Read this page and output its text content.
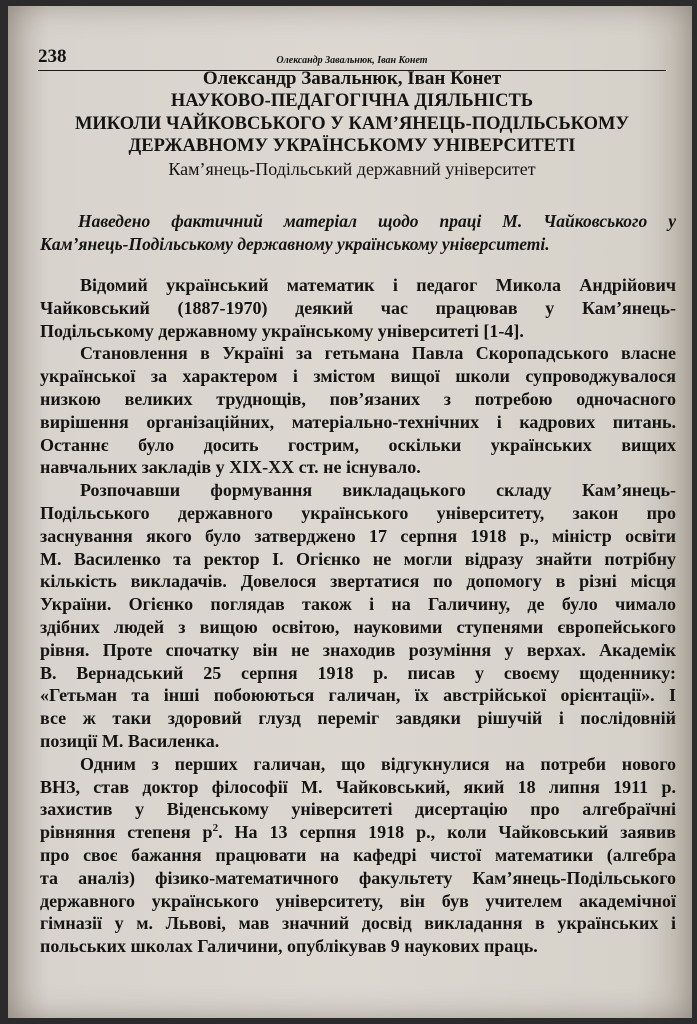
238	Олександр Завальнюк, Іван Конет
Олександр Завальнюк, Іван Конет
НАУКОВО-ПЕДАГОГІЧНА ДІЯЛЬНІСТЬ
МИКОЛИ ЧАЙКОВСЬКОГО У КАМ’ЯНЕЦЬ-ПОДІЛЬСЬКОМУ
ДЕРЖАВНОМУ УКРАЇНСЬКОМУ УНІВЕРСИТЕТІ
Кам’янець-Подільський державний університет
Наведено фактичний матеріал щодо праці М. Чайковського у
Кам’янець-Подільському державному українському університеті.
Відомий український математик і педагог Микола Андрійович
Чайковський (1887-1970) деякий час працював у Кам’янець-
Подільському державному українському університеті [1-4].
Становлення в Україні за гетьмана Павла Скоропадського власне
української за характером і змістом вищої школи супроводжувалося
низкою великих труднощів, пов’язаних з потребою одночасного
вирішення організаційних, матеріально-технічних і кадрових питань.
Останнє було досить гострим, оскільки українських вищих
навчальних закладів у XIX-XX ст. не існувало.
Розпочавши формування викладацького складу Кам’янець-
Подільського державного українського університету, закон про
заснування якого було затверджено 17 серпня 1918 р., міністр освіти
М. Василенко та ректор І. Огієнко не могли відразу знайти потрібну
кількість викладачів. Довелося звертатися по допомогу в різні місця
України. Огієнко поглядав також і на Галичину, де було чимало
здібних людей з вищою освітою, науковими ступенями європейського
рівня. Проте спочатку він не знаходив розуміння у верхах. Академік
В. Вернадський 25 серпня 1918 р. писав у своєму щоденнику:
«Гетьман та інші побоюються галичан, їх австрійської орієнтації». І
все ж таки здоровий глузд переміг завдяки рішучій і послідовній
позиції М. Василенка.
Одним з перших галичан, що відгукнулися на потреби нового
ВНЗ, став доктор філософії М. Чайковський, який 18 липня 1911 р.
захистив у Віденському університеті дисертацію про алгебраїчні
рівняння степеня $p^2$. На 13 серпня 1918 р., коли Чайковський заявив
про своє бажання працювати на кафедрі чистої математики (алгебра
та аналіз) фізико-математичного факультету Кам’янець-Подільського
державного українського університету, він був учителем академічної
гімназії у м. Львові, мав значний досвід викладання в українських і
польських школах Галичини, опублікував 9 наукових праць.
